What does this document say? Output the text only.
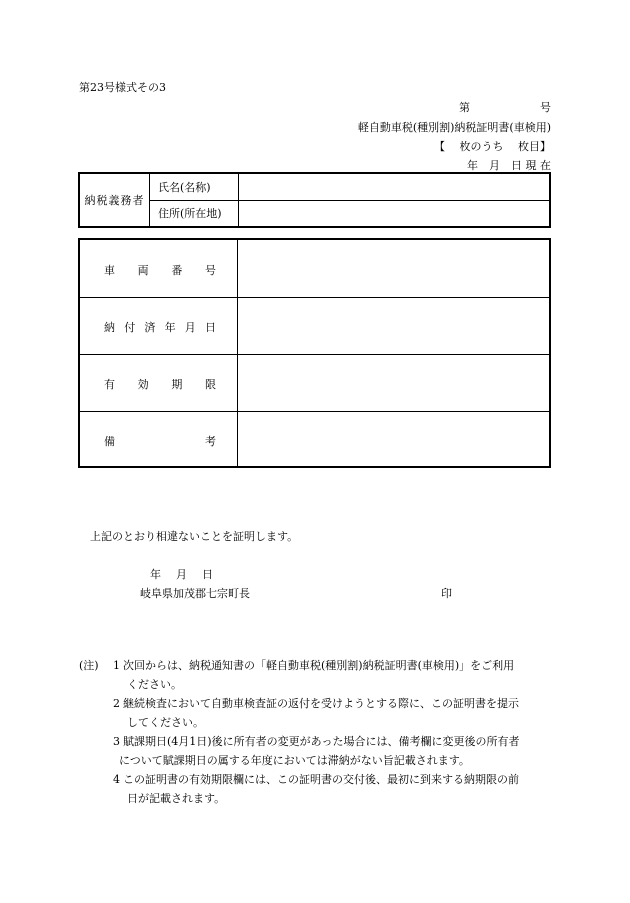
第23号様式その3
第	号
軽自動車税(種別割)納税証明書(車検用)
【　 枚のうち　 枚目】
年　月　日 現 在
納税義務者
氏名(名称)
住所(所在地)
車 両 番 号
納 付 済 年 月 日
有 効 期 限
備	考
上記のとおり相違ないことを証明します。
年　月　日
岐阜県加茂郡七宗町長	印
(注) 1 次回からは、納税通知書の「軽自動車税(種別割)納税証明書(車検用)」をご利用
ください。
2 継続検査において自動車検査証の返付を受けようとする際に、この証明書を提示
してください。
3 賦課期日(4月1日)後に所有者の変更があった場合には、備考欄に変更後の所有者
について賦課期日の属する年度においては滞納がない旨記載されます。
4 この証明書の有効期限欄には、この証明書の交付後、最初に到来する納期限の前
日が記載されます。
